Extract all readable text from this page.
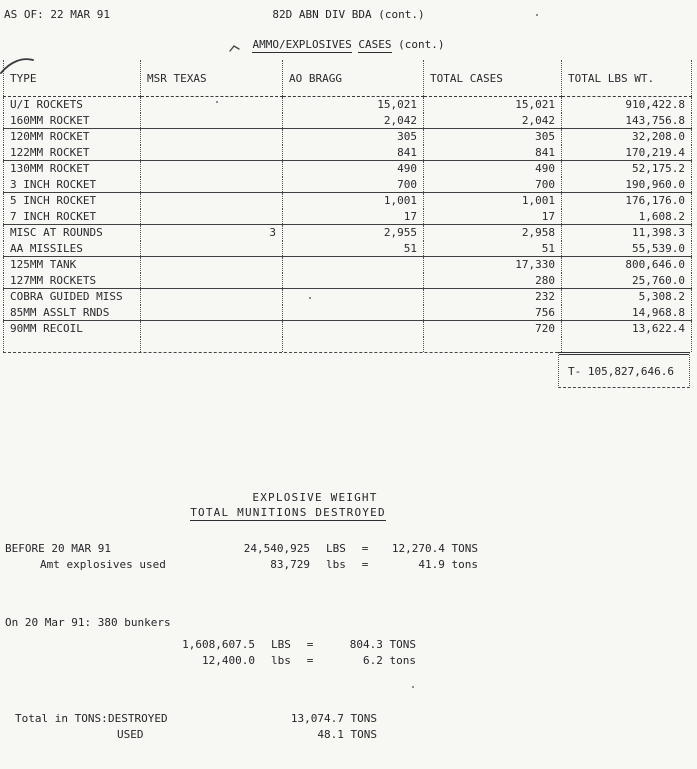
AS OF: 22 MAR 91	82D ABN DIV BDA (cont.)
AMMO/EXPLOSIVES CASES (cont.)
TYPE	MSR TEXAS	AO BRAGG	TOTAL CASES	TOTAL LBS WT.
U/I ROCKETS		15,021	15,021	910,422.8
160MM ROCKET		2,042	2,042	143,756.8
120MM ROCKET		305	305	32,208.0
122MM ROCKET		841	841	170,219.4
130MM ROCKET		490	490	52,175.2
3 INCH ROCKET		700	700	190,960.0
5 INCH ROCKET		1,001	1,001	176,176.0
7 INCH ROCKET		17	17	1,608.2
MISC AT ROUNDS	3	2,955	2,958	11,398.3
AA MISSILES		51	51	55,539.0
125MM TANK			17,330	800,646.0
127MM ROCKETS			280	25,760.0
COBRA GUIDED MISS			232	5,308.2
85MM ASSLT RNDS			756	14,968.8
90MM RECOIL			720	13,622.4

T- 105,827,646.6
EXPLOSIVE WEIGHT
TOTAL MUNITIONS DESTROYED
BEFORE 20 MAR 91	24,540,925 LBS = 12,270.4 TONS
Amt explosives used	83,729 lbs =	41.9 tons
On 20 Mar 91: 380 bunkers
1,608,607.5 LBS =	804.3 TONS
12,400.0 lbs =	6.2 tons
Total in TONS:DESTROYED	13,074.7 TONS
USED	48.1 TONS
